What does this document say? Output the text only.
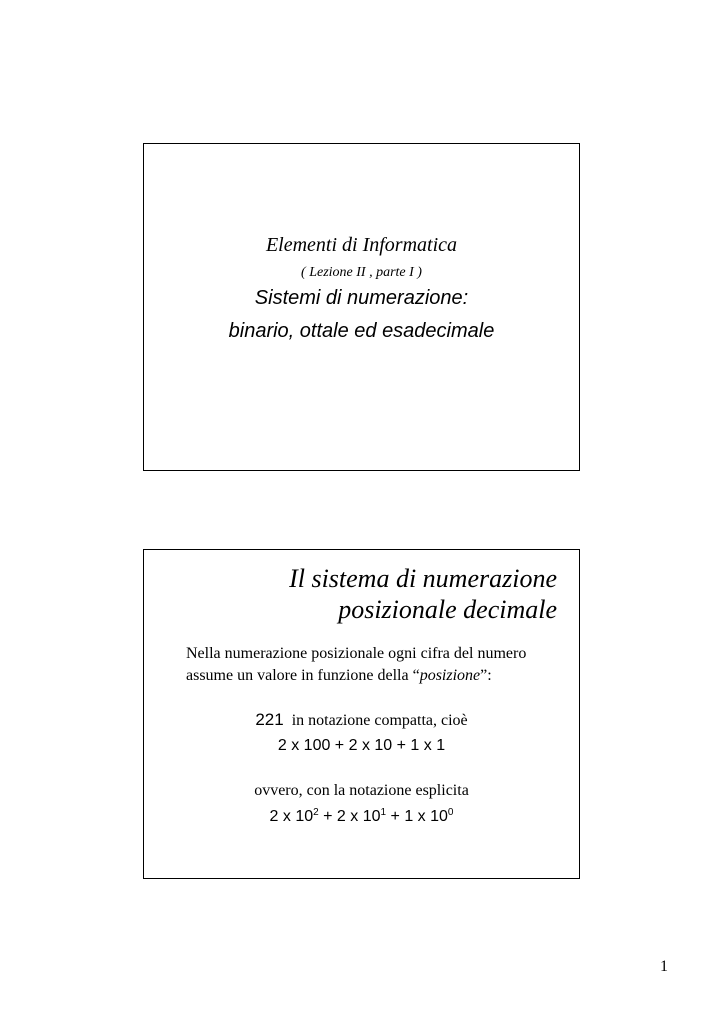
Elementi di Informatica
( Lezione II , parte I )
Sistemi di numerazione:
binario, ottale ed esadecimale
Il sistema di numerazione
posizionale decimale
Nella numerazione posizionale ogni cifra del numero
assume un valore in funzione della “posizione”:
221 in notazione compatta, cioè
2 x 100 + 2 x 10 + 1 x 1
ovvero, con la notazione esplicita
2 x $10^2 + 2$ x $10^1 + 1$ x $10^0$
1
